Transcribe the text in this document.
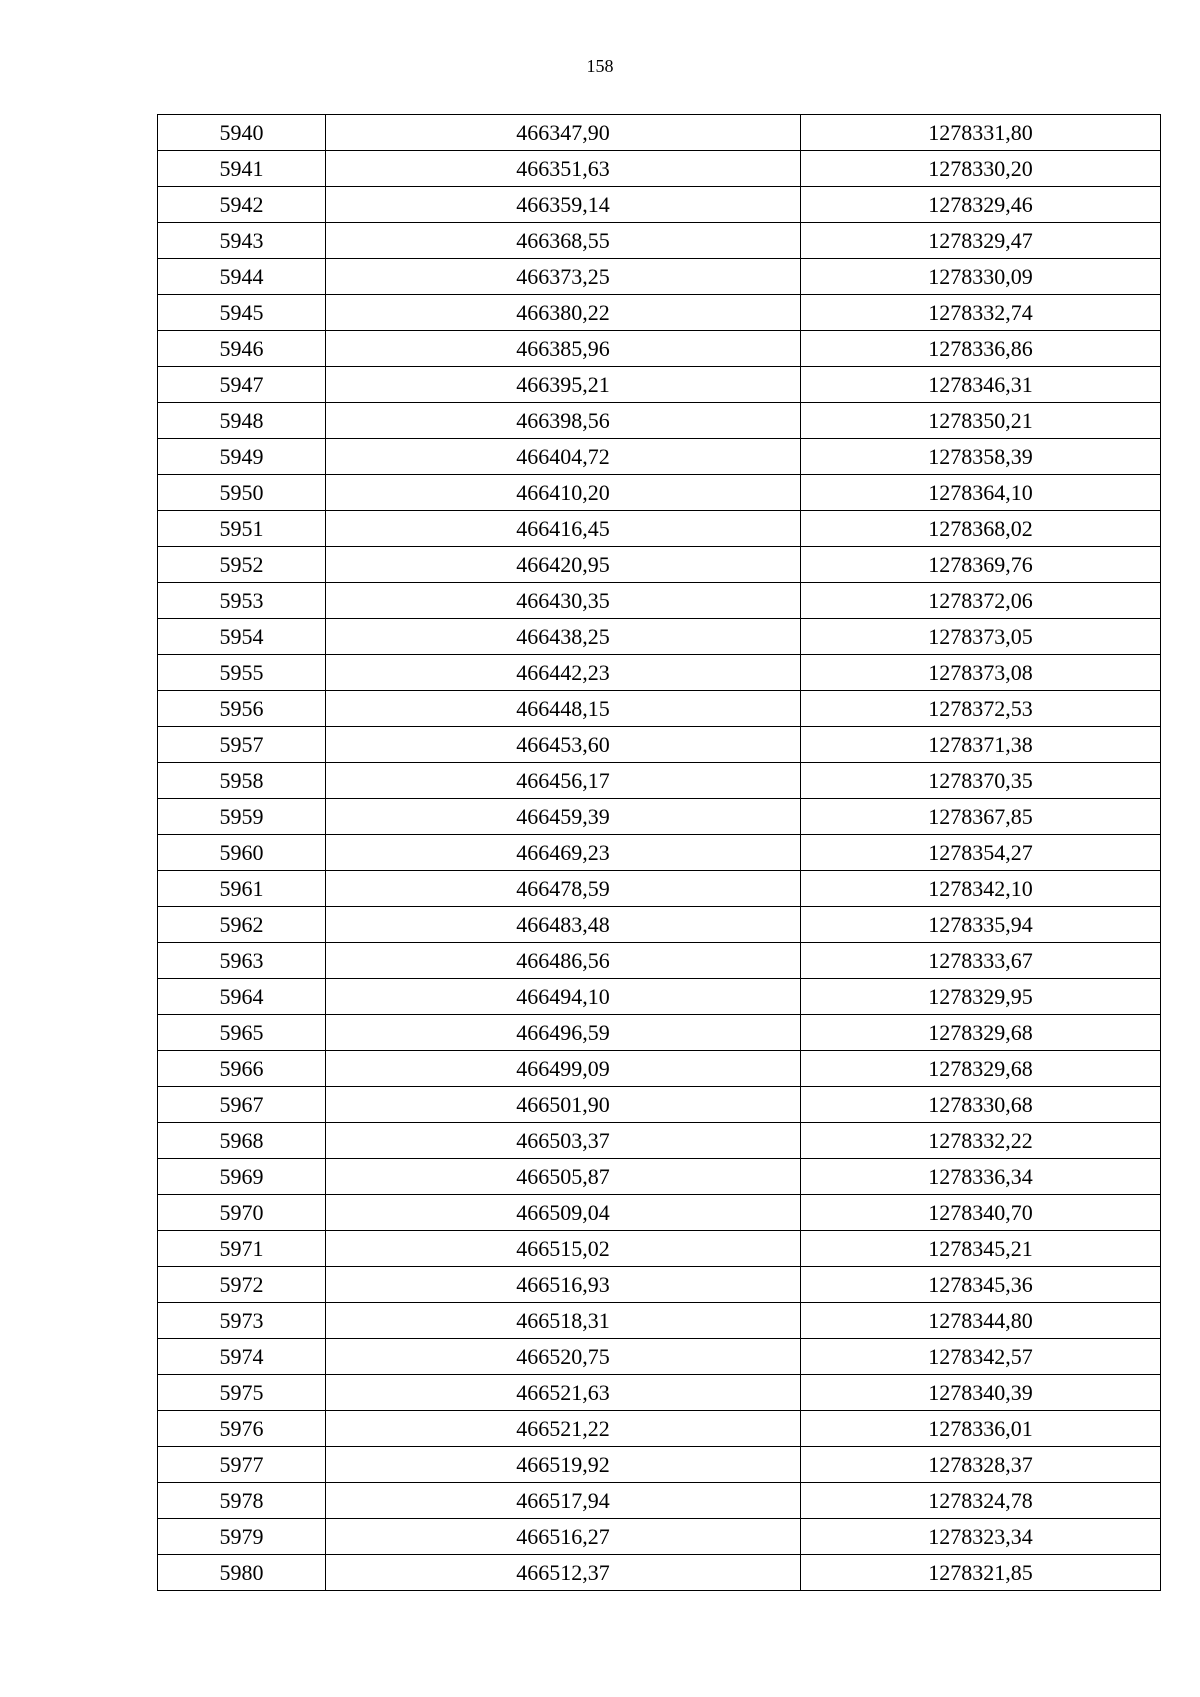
158
5940	466347,90	1278331,80
5941	466351,63	1278330,20
5942	466359,14	1278329,46
5943	466368,55	1278329,47
5944	466373,25	1278330,09
5945	466380,22	1278332,74
5946	466385,96	1278336,86
5947	466395,21	1278346,31
5948	466398,56	1278350,21
5949	466404,72	1278358,39
5950	466410,20	1278364,10
5951	466416,45	1278368,02
5952	466420,95	1278369,76
5953	466430,35	1278372,06
5954	466438,25	1278373,05
5955	466442,23	1278373,08
5956	466448,15	1278372,53
5957	466453,60	1278371,38
5958	466456,17	1278370,35
5959	466459,39	1278367,85
5960	466469,23	1278354,27
5961	466478,59	1278342,10
5962	466483,48	1278335,94
5963	466486,56	1278333,67
5964	466494,10	1278329,95
5965	466496,59	1278329,68
5966	466499,09	1278329,68
5967	466501,90	1278330,68
5968	466503,37	1278332,22
5969	466505,87	1278336,34
5970	466509,04	1278340,70
5971	466515,02	1278345,21
5972	466516,93	1278345,36
5973	466518,31	1278344,80
5974	466520,75	1278342,57
5975	466521,63	1278340,39
5976	466521,22	1278336,01
5977	466519,92	1278328,37
5978	466517,94	1278324,78
5979	466516,27	1278323,34
5980	466512,37	1278321,85
